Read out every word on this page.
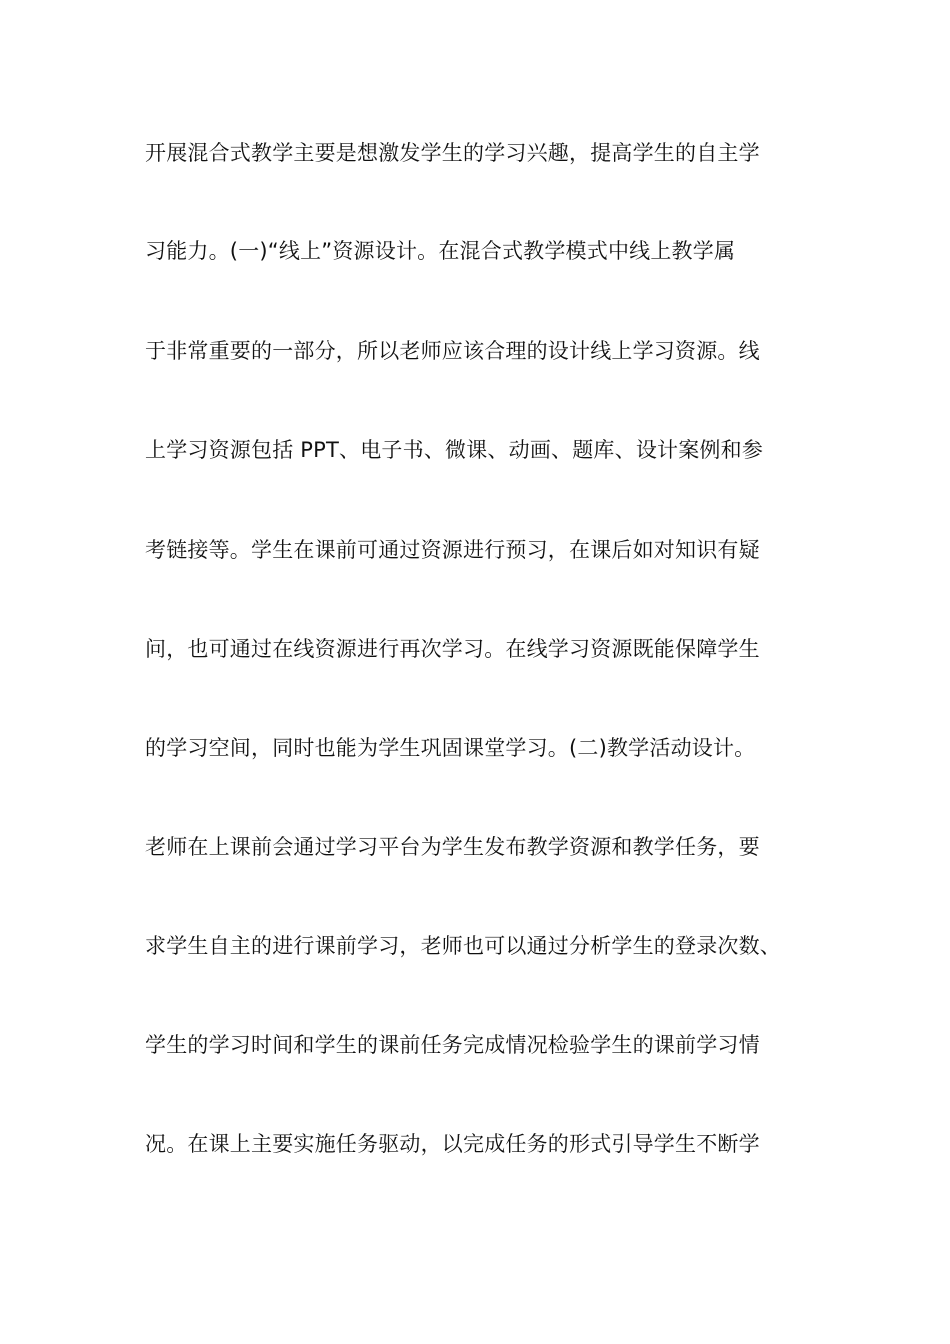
开展混合式教学主要是想激发学生的学习兴趣，提高学生的自主学
习能力。(一)“线上”资源设计。在混合式教学模式中线上教学属
于非常重要的一部分，所以老师应该合理的设计线上学习资源。线
上学习资源包括 PPT、电子书、微课、动画、题库、设计案例和参
考链接等。学生在课前可通过资源进行预习，在课后如对知识有疑
问，也可通过在线资源进行再次学习。在线学习资源既能保障学生
的学习空间，同时也能为学生巩固课堂学习。(二)教学活动设计。
老师在上课前会通过学习平台为学生发布教学资源和教学任务，要
求学生自主的进行课前学习，老师也可以通过分析学生的登录次数、
学生的学习时间和学生的课前任务完成情况检验学生的课前学习情
况。在课上主要实施任务驱动，以完成任务的形式引导学生不断学
